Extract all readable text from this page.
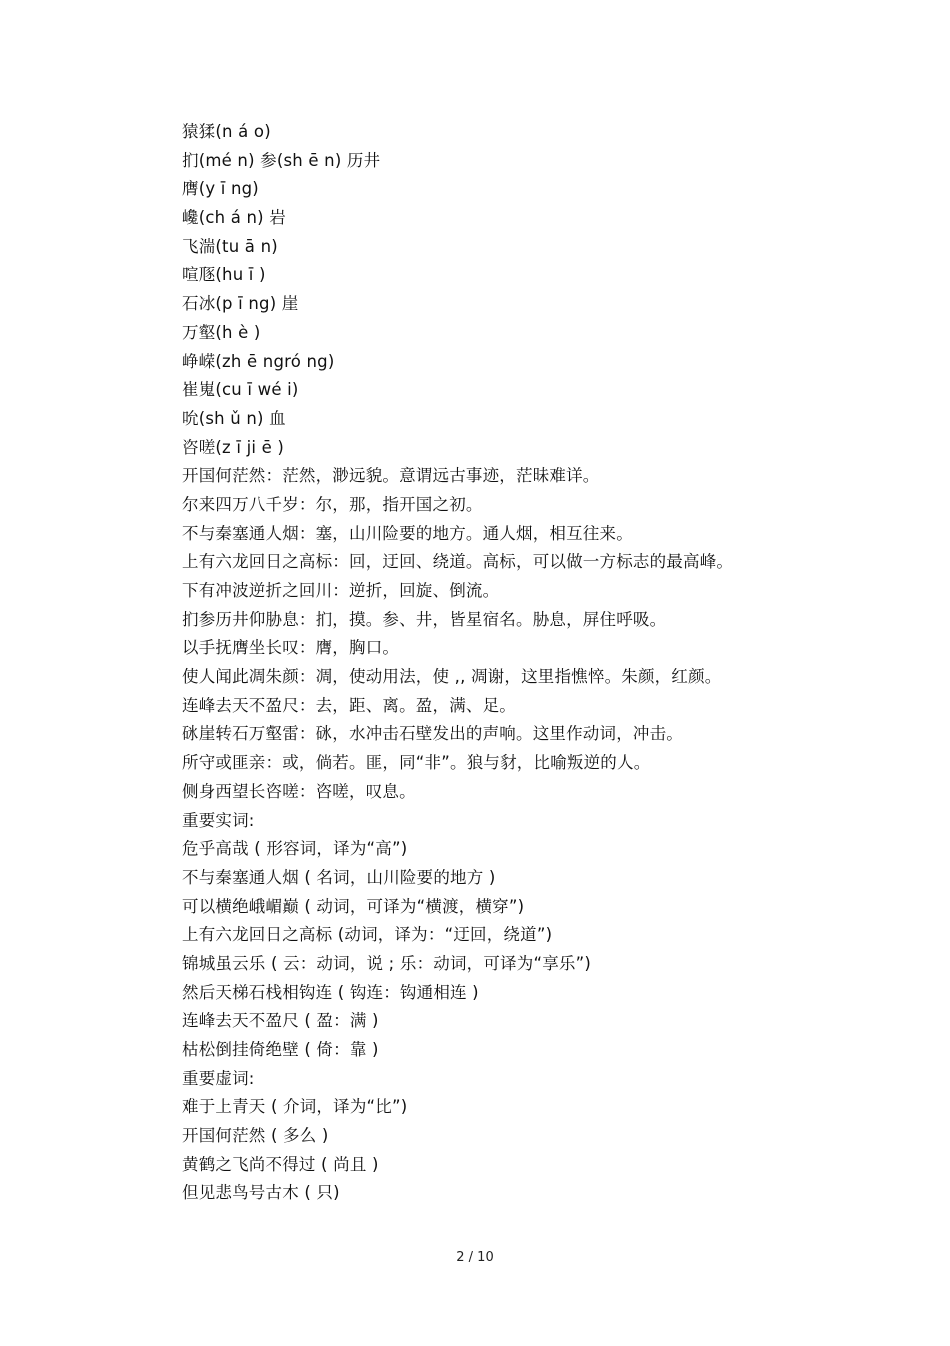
猿猱(n á o)
扪(mé n) 参(sh ē n) 历井
膺(y ī ng)
巉(ch á n) 岩
飞湍(tu ā n)
喧豗(hu ī )
石冰(p ī ng) 崖
万壑(h è )
峥嵘(zh ē ngró ng)
崔嵬(cu ī wé i)
吮(sh ǔ n) 血
咨嗟(z ī ji ē )
开国何茫然：茫然，渺远貌。意谓远古事迹，茫昧难详。
尔来四万八千岁：尔，那，指开国之初。
不与秦塞通人烟：塞，山川险要的地方。通人烟，相互往来。
上有六龙回日之高标：回，迂回、绕道。高标，可以做一方标志的最高峰。
下有冲波逆折之回川：逆折，回旋、倒流。
扪参历井仰胁息：扪，摸。参、井，皆星宿名。胁息，屏住呼吸。
以手抚膺坐长叹：膺，胸口。
使人闻此凋朱颜：凋，使动用法，使 ,, 凋谢，这里指憔悴。朱颜，红颜。
连峰去天不盈尺：去，距、离。盈，满、足。
砯崖转石万壑雷：砯，水冲击石壁发出的声响。这里作动词，冲击。
所守或匪亲：或，倘若。匪，同“非”。狼与豺，比喻叛逆的人。
侧身西望长咨嗟：咨嗟，叹息。
重要实词:
危乎高哉 ( 形容词，译为“高”)
不与秦塞通人烟 ( 名词，山川险要的地方 )
可以横绝峨嵋巅 ( 动词，可译为“横渡，横穿”)
上有六龙回日之高标 (动词，译为：“迂回，绕道”)
锦城虽云乐 ( 云：动词，说 ; 乐：动词，可译为“享乐”)
然后天梯石栈相钩连 ( 钩连：钩通相连 )
连峰去天不盈尺 ( 盈：满 )
枯松倒挂倚绝壁 ( 倚：靠 )
重要虚词:
难于上青天 ( 介词，译为“比”)
开国何茫然 ( 多么 )
黄鹤之飞尚不得过 ( 尚且 )
但见悲鸟号古木 ( 只)
2 / 10
